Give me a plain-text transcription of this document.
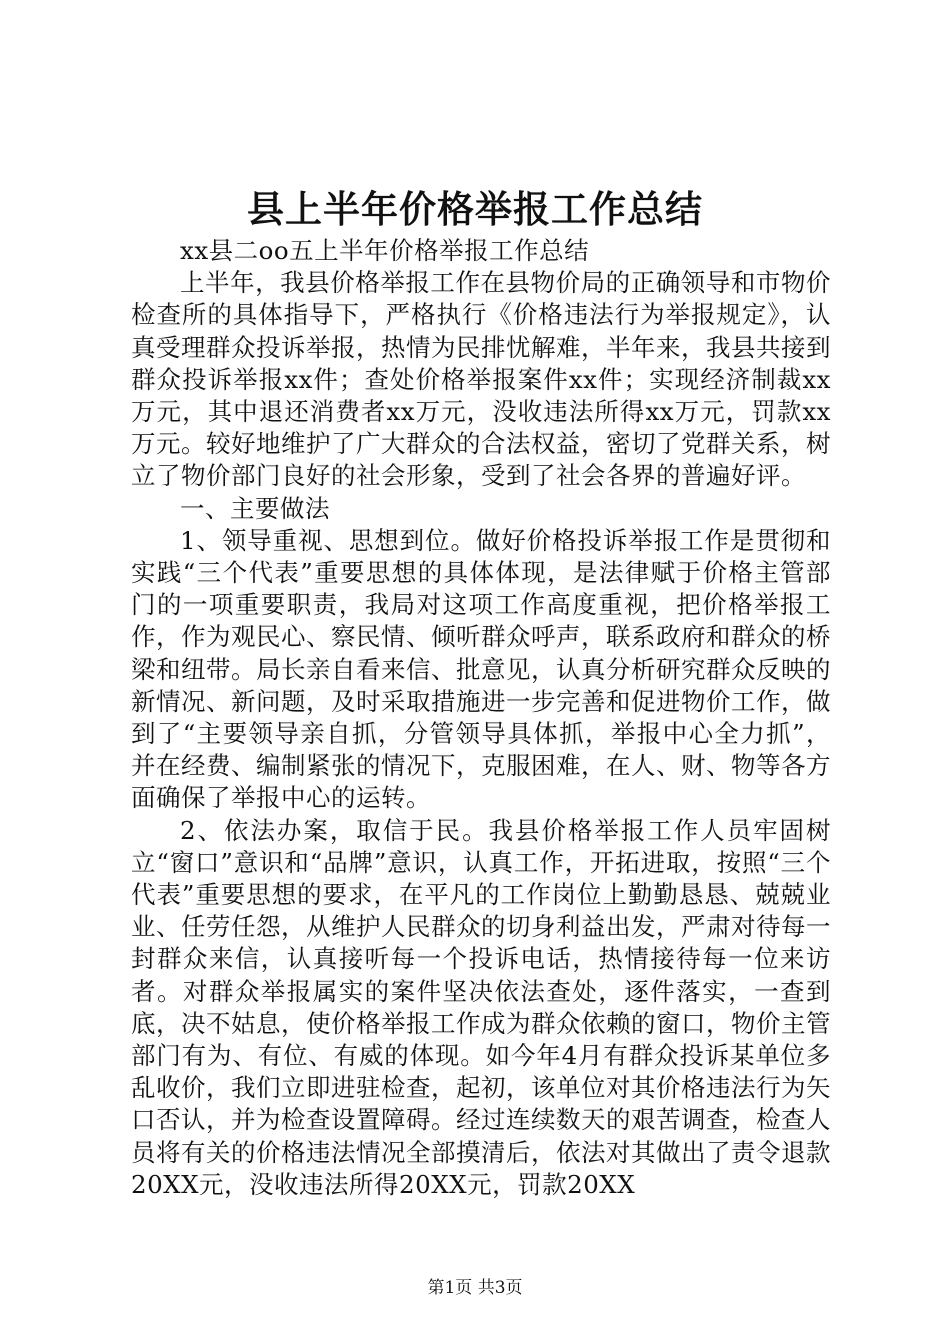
县上半年价格举报工作总结

xx县二oo五上半年价格举报工作总结

上半年，我县价格举报工作在县物价局的正确领导和市物价检查所的具体指导下，严格执行《价格违法行为举报规定》，认真受理群众投诉举报，热情为民排忧解难，半年来，我县共接到群众投诉举报xx件；查处价格举报案件xx件；实现经济制裁xx万元，其中退还消费者xx万元，没收违法所得xx万元，罚款xx万元。较好地维护了广大群众的合法权益，密切了党群关系，树立了物价部门良好的社会形象，受到了社会各界的普遍好评。

一、主要做法

1、领导重视、思想到位。做好价格投诉举报工作是贯彻和实践“三个代表”重要思想的具体体现，是法律赋于价格主管部门的一项重要职责，我局对这项工作高度重视，把价格举报工作，作为观民心、察民情、倾听群众呼声，联系政府和群众的桥梁和纽带。局长亲自看来信、批意见，认真分析研究群众反映的新情况、新问题，及时采取措施进一步完善和促进物价工作，做到了“主要领导亲自抓，分管领导具体抓，举报中心全力抓”，并在经费、编制紧张的情况下，克服困难，在人、财、物等各方面确保了举报中心的运转。

2、依法办案，取信于民。我县价格举报工作人员牢固树立“窗口”意识和“品牌”意识，认真工作，开拓进取，按照“三个代表”重要思想的要求，在平凡的工作岗位上勤勤恳恳、兢兢业业、任劳任怨，从维护人民群众的切身利益出发，严肃对待每一封群众来信，认真接听每一个投诉电话，热情接待每一位来访者。对群众举报属实的案件坚决依法查处，逐件落实，一查到底，决不姑息，使价格举报工作成为群众依赖的窗口，物价主管部门有为、有位、有威的体现。如今年4月有群众投诉某单位多乱收价，我们立即进驻检查，起初，该单位对其价格违法行为矢口否认，并为检查设置障碍。经过连续数天的艰苦调查，检查人员将有关的价格违法情况全部摸清后，依法对其做出了责令退款20XX元，没收违法所得20XX元，罚款20XX

第1页 共3页
